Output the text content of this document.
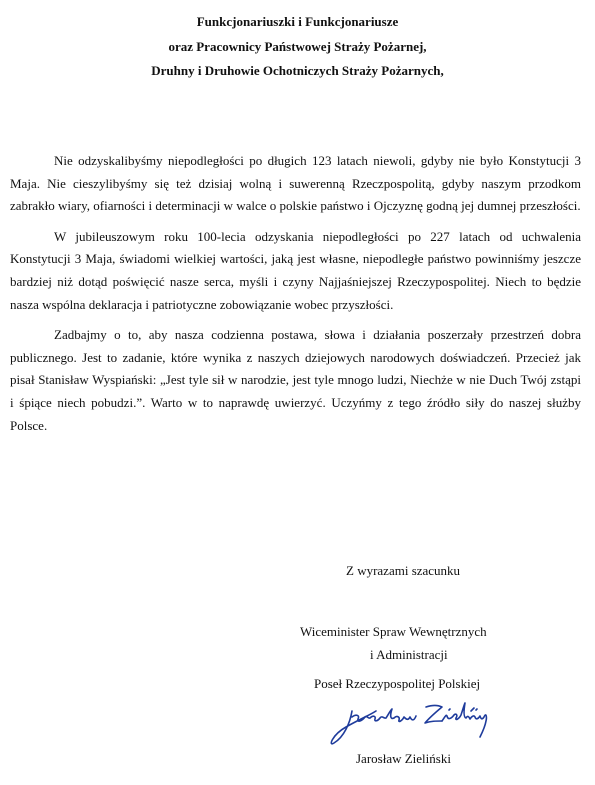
Funkcjonariuszki i Funkcjonariusze
oraz Pracownicy Państwowej Straży Pożarnej,
Druhny i Druhowie Ochotniczych Straży Pożarnych,

Nie odzyskalibyśmy niepodległości po długich 123 latach niewoli, gdyby nie było Konstytucji 3 Maja. Nie cieszylibyśmy się też dzisiaj wolną i suwerenną Rzeczpospolitą, gdyby naszym przodkom zabrakło wiary, ofiarności i determinacji w walce o polskie państwo i Ojczyznę godną jej dumnej przeszłości.

W jubileuszowym roku 100-lecia odzyskania niepodległości po 227 latach od uchwalenia Konstytucji 3 Maja, świadomi wielkiej wartości, jaką jest własne, niepodległe państwo powinniśmy jeszcze bardziej niż dotąd poświęcić nasze serca, myśli i czyny Najjaśniejszej Rzeczypospolitej. Niech to będzie nasza wspólna deklaracja i patriotyczne zobowiązanie wobec przyszłości.

Zadbajmy o to, aby nasza codzienna postawa, słowa i działania poszerzały przestrzeń dobra publicznego. Jest to zadanie, które wynika z naszych dziejowych narodowych doświadczeń. Przecież jak pisał Stanisław Wyspiański: „Jest tyle sił w narodzie, jest tyle mnogo ludzi, Niechże w nie Duch Twój zstąpi i śpiące niech pobudzi.”. Warto w to naprawdę uwierzyć. Uczyńmy z tego źródło siły do naszej służby Polsce.

Z wyrazami szacunku
Wiceminister Spraw Wewnętrznych
i Administracji
Poseł Rzeczypospolitej Polskiej
Jarosław Zieliński
